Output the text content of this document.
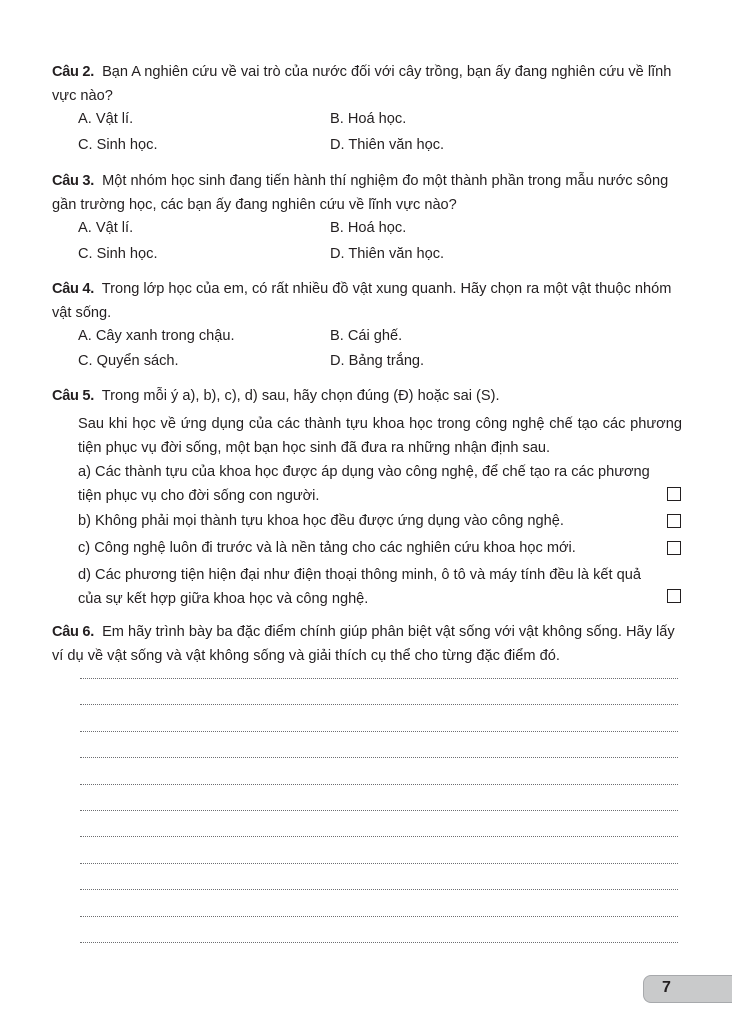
Câu 2. Bạn A nghiên cứu về vai trò của nước đối với cây trồng, bạn ấy đang nghiên cứu về lĩnh vực nào?
A. Vật lí.	B. Hoá học.
C. Sinh học.	D. Thiên văn học.
Câu 3. Một nhóm học sinh đang tiến hành thí nghiệm đo một thành phần trong mẫu nước sông gần trường học, các bạn ấy đang nghiên cứu về lĩnh vực nào?
A. Vật lí.	B. Hoá học.
C. Sinh học.	D. Thiên văn học.
Câu 4. Trong lớp học của em, có rất nhiều đồ vật xung quanh. Hãy chọn ra một vật thuộc nhóm vật sống.
A. Cây xanh trong chậu.	B. Cái ghế.
C. Quyển sách.	D. Bảng trắng.
Câu 5. Trong mỗi ý a), b), c), d) sau, hãy chọn đúng (Đ) hoặc sai (S).
Sau khi học về ứng dụng của các thành tựu khoa học trong công nghệ chế tạo các phương tiện phục vụ đời sống, một bạn học sinh đã đưa ra những nhận định sau.
a) Các thành tựu của khoa học được áp dụng vào công nghệ, để chế tạo ra các phương tiện phục vụ cho đời sống con người.
b) Không phải mọi thành tựu khoa học đều được ứng dụng vào công nghệ.
c) Công nghệ luôn đi trước và là nền tảng cho các nghiên cứu khoa học mới.
d) Các phương tiện hiện đại như điện thoại thông minh, ô tô và máy tính đều là kết quả của sự kết hợp giữa khoa học và công nghệ.
Câu 6. Em hãy trình bày ba đặc điểm chính giúp phân biệt vật sống với vật không sống. Hãy lấy ví dụ về vật sống và vật không sống và giải thích cụ thể cho từng đặc điểm đó.
7
